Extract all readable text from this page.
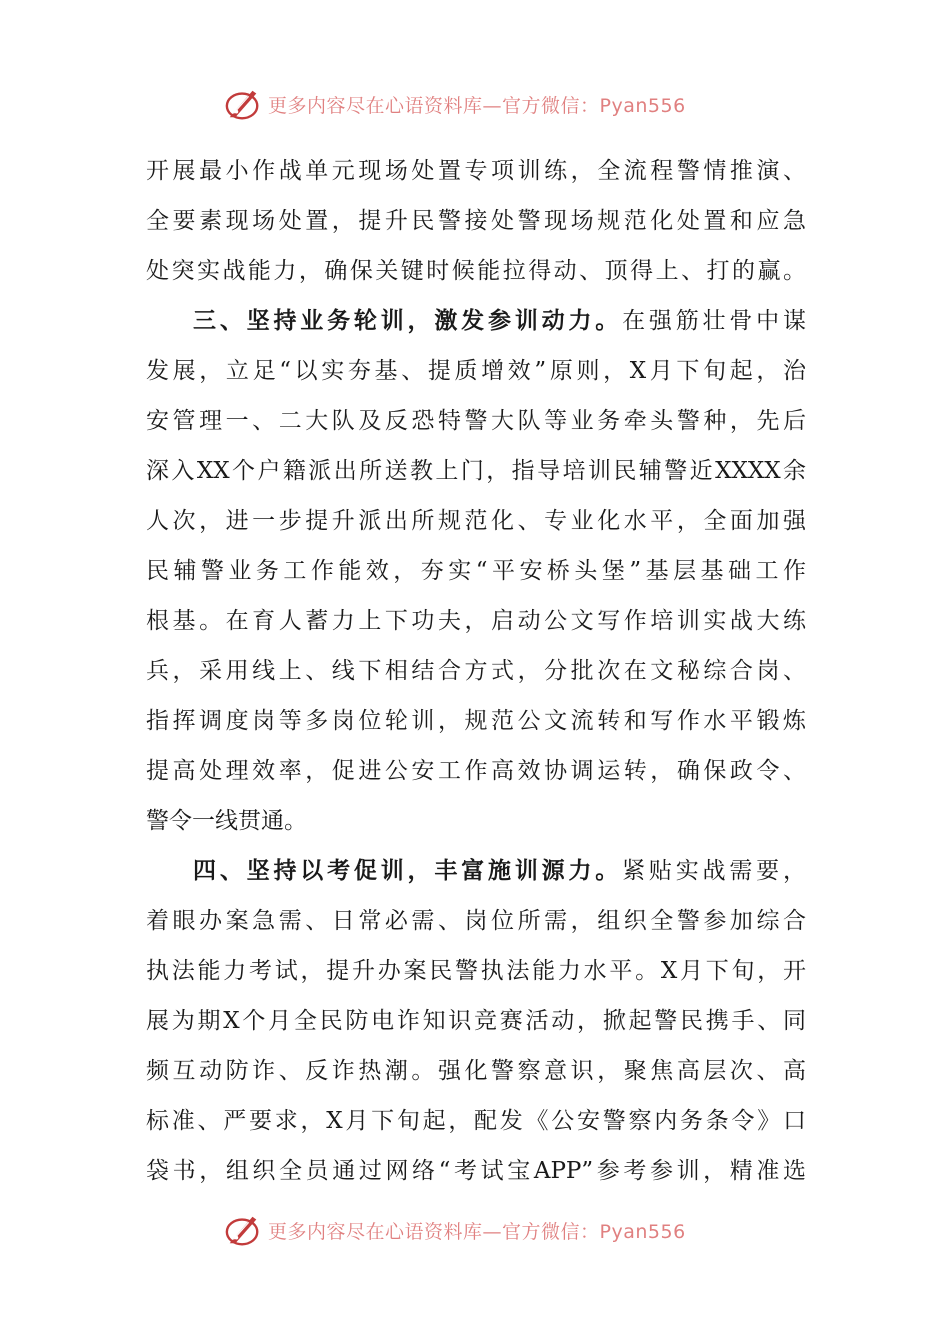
更多内容尽在心语资料库—官方微信：Pyan556
开展最小作战单元现场处置专项训练，全流程警情推演、
全要素现场处置，提升民警接处警现场规范化处置和应急
处突实战能力，确保关键时候能拉得动、顶得上、打的赢。
三、坚持业务轮训，激发参训动力。在强筋壮骨中谋
发展，立足“以实夯基、提质增效”原则，X月下旬起，治
安管理一、二大队及反恐特警大队等业务牵头警种，先后
深入XX个户籍派出所送教上门，指导培训民辅警近XXXX余
人次，进一步提升派出所规范化、专业化水平，全面加强
民辅警业务工作能效，夯实“平安桥头堡”基层基础工作
根基。在育人蓄力上下功夫，启动公文写作培训实战大练
兵，采用线上、线下相结合方式，分批次在文秘综合岗、
指挥调度岗等多岗位轮训，规范公文流转和写作水平锻炼
提高处理效率，促进公安工作高效协调运转，确保政令、
警令一线贯通。
四、坚持以考促训，丰富施训源力。紧贴实战需要，
着眼办案急需、日常必需、岗位所需，组织全警参加综合
执法能力考试，提升办案民警执法能力水平。X月下旬，开
展为期X个月全民防电诈知识竞赛活动，掀起警民携手、同
频互动防诈、反诈热潮。强化警察意识，聚焦高层次、高
标准、严要求，X月下旬起，配发《公安警察内务条令》口
袋书，组织全员通过网络“考试宝APP”参考参训，精准选
更多内容尽在心语资料库—官方微信：Pyan556
